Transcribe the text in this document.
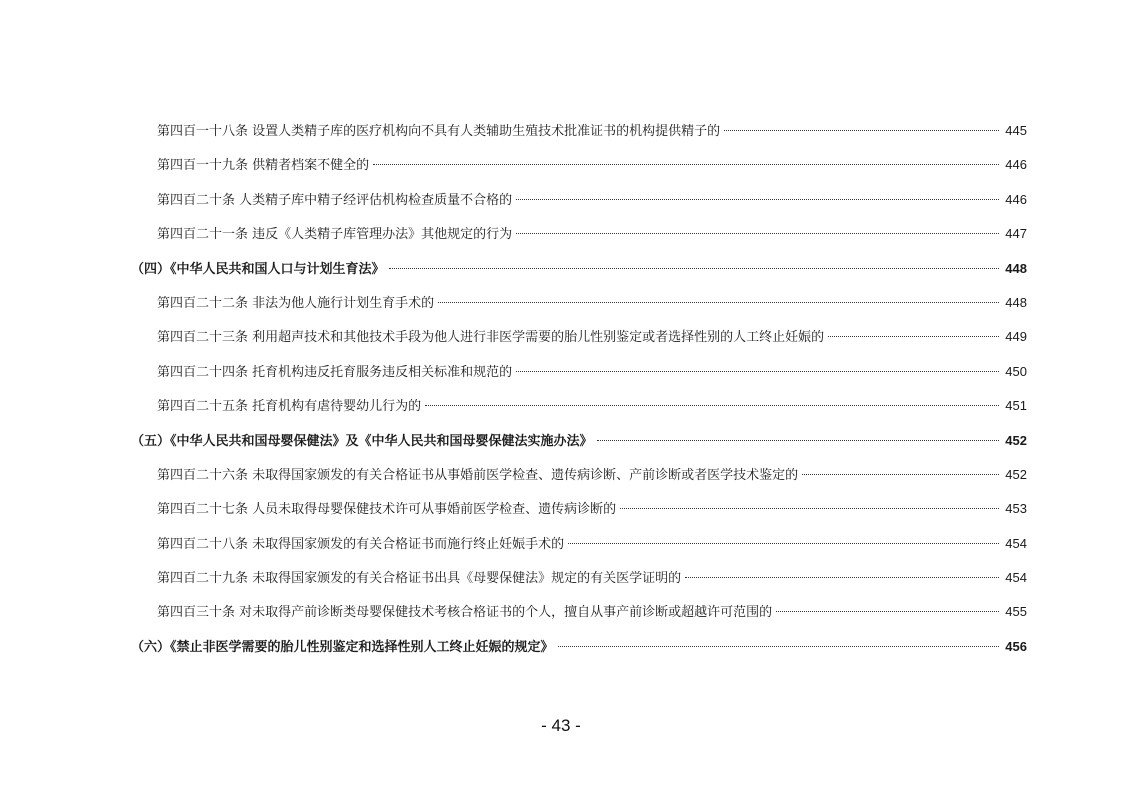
第四百一十八条 设置人类精子库的医疗机构向不具有人类辅助生殖技术批准证书的机构提供精子的	445
第四百一十九条 供精者档案不健全的	446
第四百二十条 人类精子库中精子经评估机构检查质量不合格的	446
第四百二十一条 违反《人类精子库管理办法》其他规定的行为	447
（四）《中华人民共和国人口与计划生育法》	448
第四百二十二条 非法为他人施行计划生育手术的	448
第四百二十三条 利用超声技术和其他技术手段为他人进行非医学需要的胎儿性别鉴定或者选择性别的人工终止妊娠的	449
第四百二十四条 托育机构违反托育服务违反相关标准和规范的	450
第四百二十五条 托育机构有虐待婴幼儿行为的	451
（五）《中华人民共和国母婴保健法》及《中华人民共和国母婴保健法实施办法》	452
第四百二十六条 未取得国家颁发的有关合格证书从事婚前医学检查、遗传病诊断、产前诊断或者医学技术鉴定的	452
第四百二十七条 人员未取得母婴保健技术许可从事婚前医学检查、遗传病诊断的	453
第四百二十八条 未取得国家颁发的有关合格证书而施行终止妊娠手术的	454
第四百二十九条 未取得国家颁发的有关合格证书出具《母婴保健法》规定的有关医学证明的	454
第四百三十条 对未取得产前诊断类母婴保健技术考核合格证书的个人，擅自从事产前诊断或超越许可范围的	455
（六）《禁止非医学需要的胎儿性别鉴定和选择性别人工终止妊娠的规定》	456
- 43 -
